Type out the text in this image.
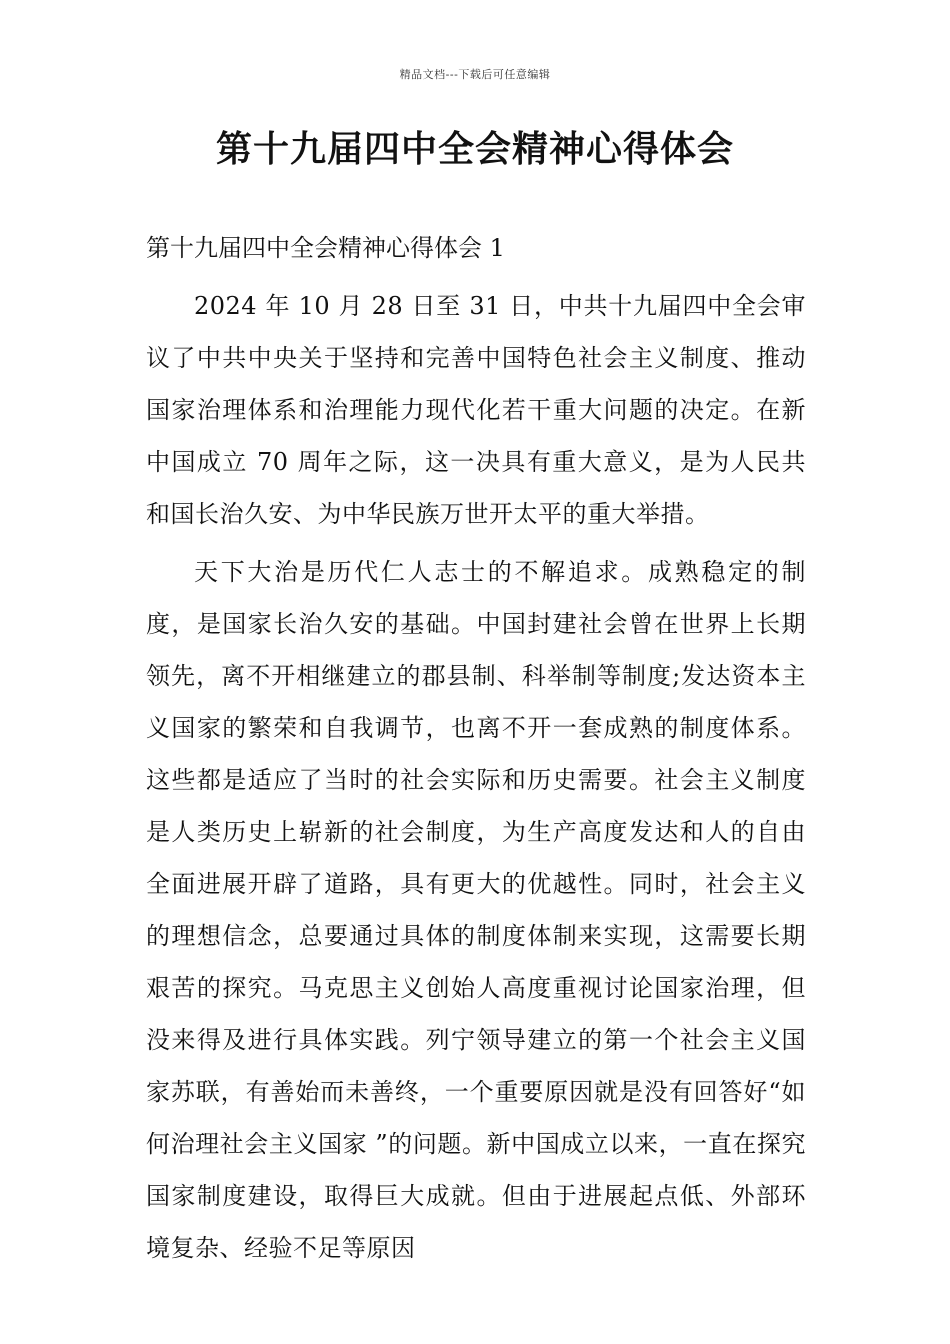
精品文档---下载后可任意编辑
第十九届四中全会精神心得体会
第十九届四中全会精神心得体会 1

2024 年 10 月 28 日至 31 日，中共十九届四中全会审议了中共中央关于坚持和完善中国特色社会主义制度、推动国家治理体系和治理能力现代化若干重大问题的决定。在新中国成立 70 周年之际，这一决具有重大意义，是为人民共和国长治久安、为中华民族万世开太平的重大举措。

天下大治是历代仁人志士的不解追求。成熟稳定的制度，是国家长治久安的基础。中国封建社会曾在世界上长期领先，离不开相继建立的郡县制、科举制等制度;发达资本主义国家的繁荣和自我调节，也离不开一套成熟的制度体系。这些都是适应了当时的社会实际和历史需要。社会主义制度是人类历史上崭新的社会制度，为生产高度发达和人的自由全面进展开辟了道路，具有更大的优越性。同时，社会主义的理想信念，总要通过具体的制度体制来实现，这需要长期艰苦的探究。马克思主义创始人高度重视讨论国家治理，但没来得及进行具体实践。列宁领导建立的第一个社会主义国家苏联，有善始而未善终，一个重要原因就是没有回答好“如何治理社会主义国家 ”的问题。新中国成立以来，一直在探究国家制度建设，取得巨大成就。但由于进展起点低、外部环境复杂、经验不足等原因
